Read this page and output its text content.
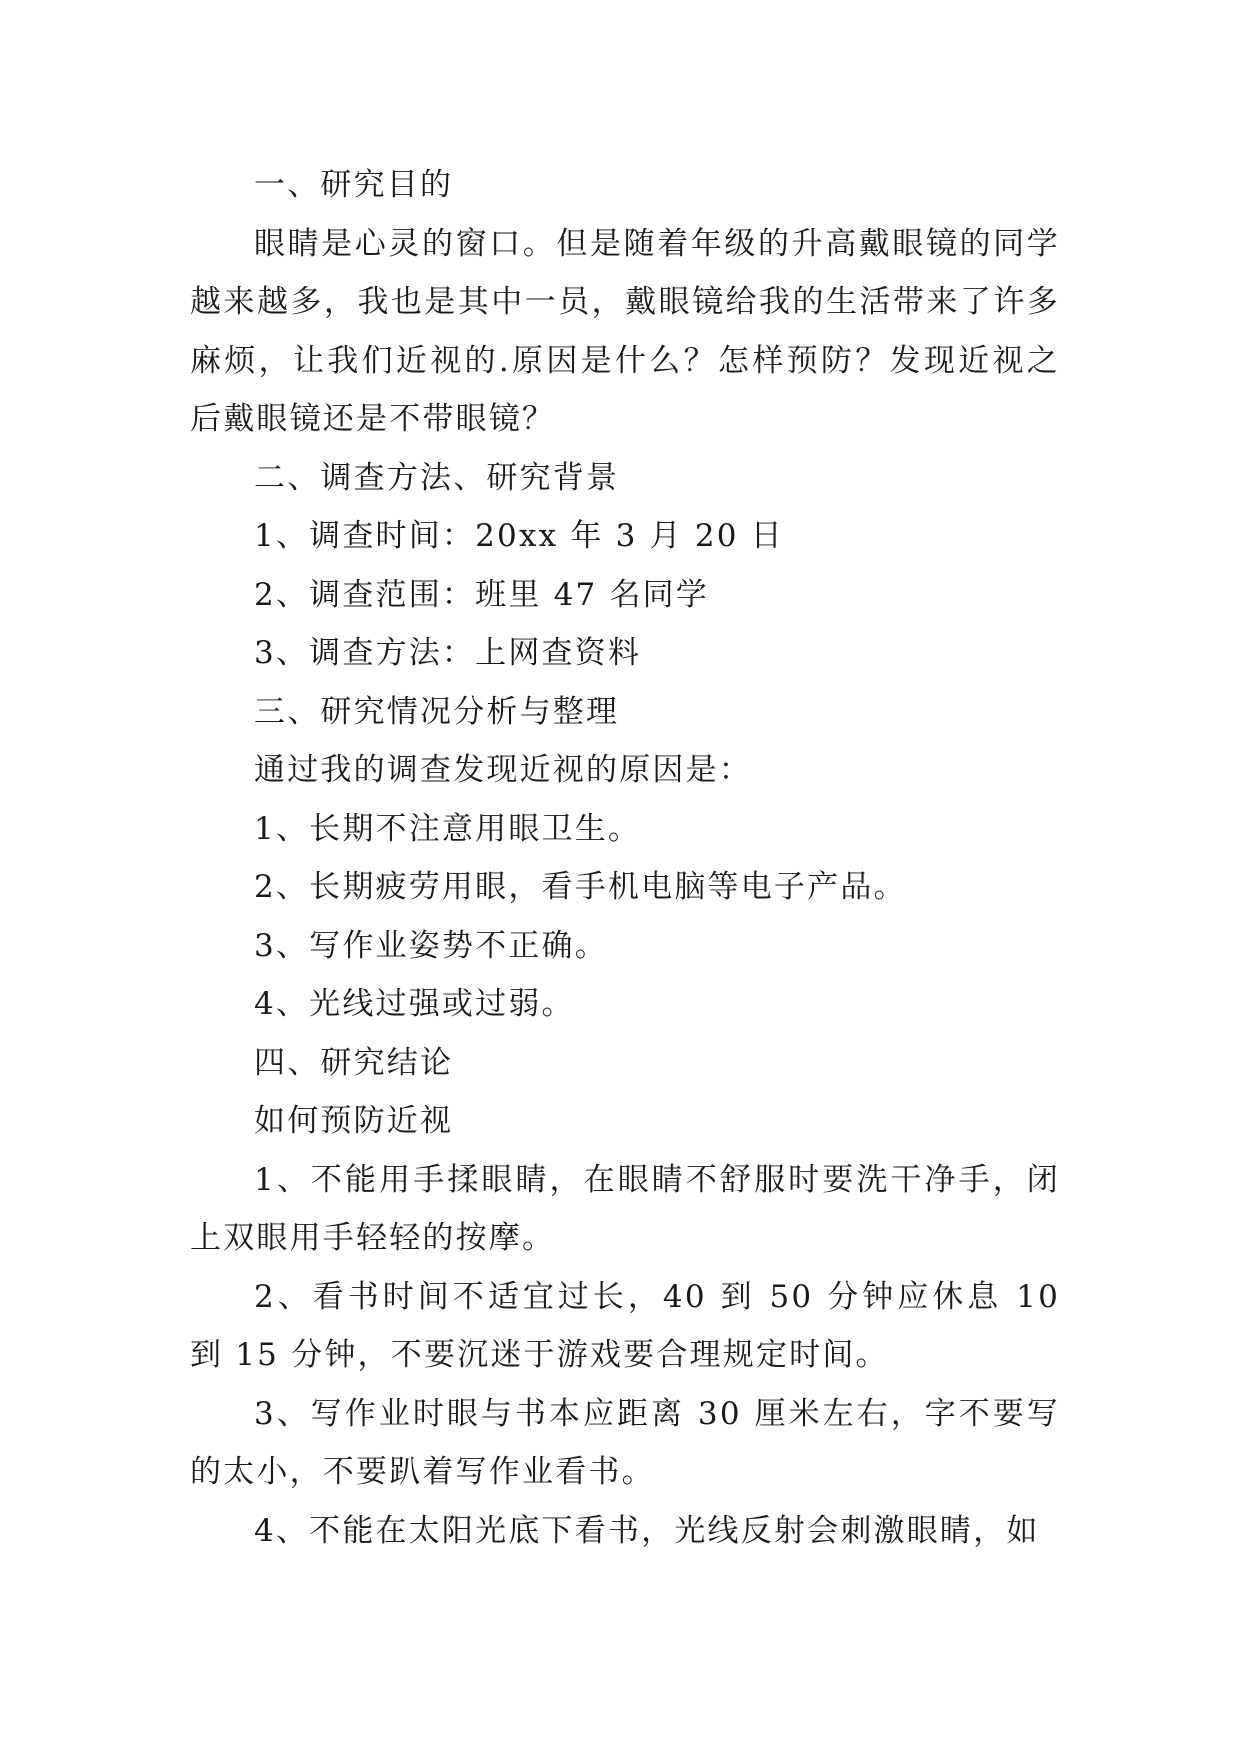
一、研究目的

眼睛是心灵的窗口。但是随着年级的升高戴眼镜的同学越来越多，我也是其中一员，戴眼镜给我的生活带来了许多麻烦，让我们近视的.原因是什么？怎样预防？发现近视之后戴眼镜还是不带眼镜？

二、调查方法、研究背景

1、调查时间：20xx 年 3 月 20 日

2、调查范围：班里 47 名同学

3、调查方法：上网查资料

三、研究情况分析与整理

通过我的调查发现近视的原因是：

1、长期不注意用眼卫生。

2、长期疲劳用眼，看手机电脑等电子产品。

3、写作业姿势不正确。

4、光线过强或过弱。

四、研究结论

如何预防近视

1、不能用手揉眼睛，在眼睛不舒服时要洗干净手，闭上双眼用手轻轻的按摩。

2、看书时间不适宜过长，40 到 50 分钟应休息 10 到 15 分钟，不要沉迷于游戏要合理规定时间。

3、写作业时眼与书本应距离 30 厘米左右，字不要写的太小，不要趴着写作业看书。

4、不能在太阳光底下看书，光线反射会刺激眼睛，如
